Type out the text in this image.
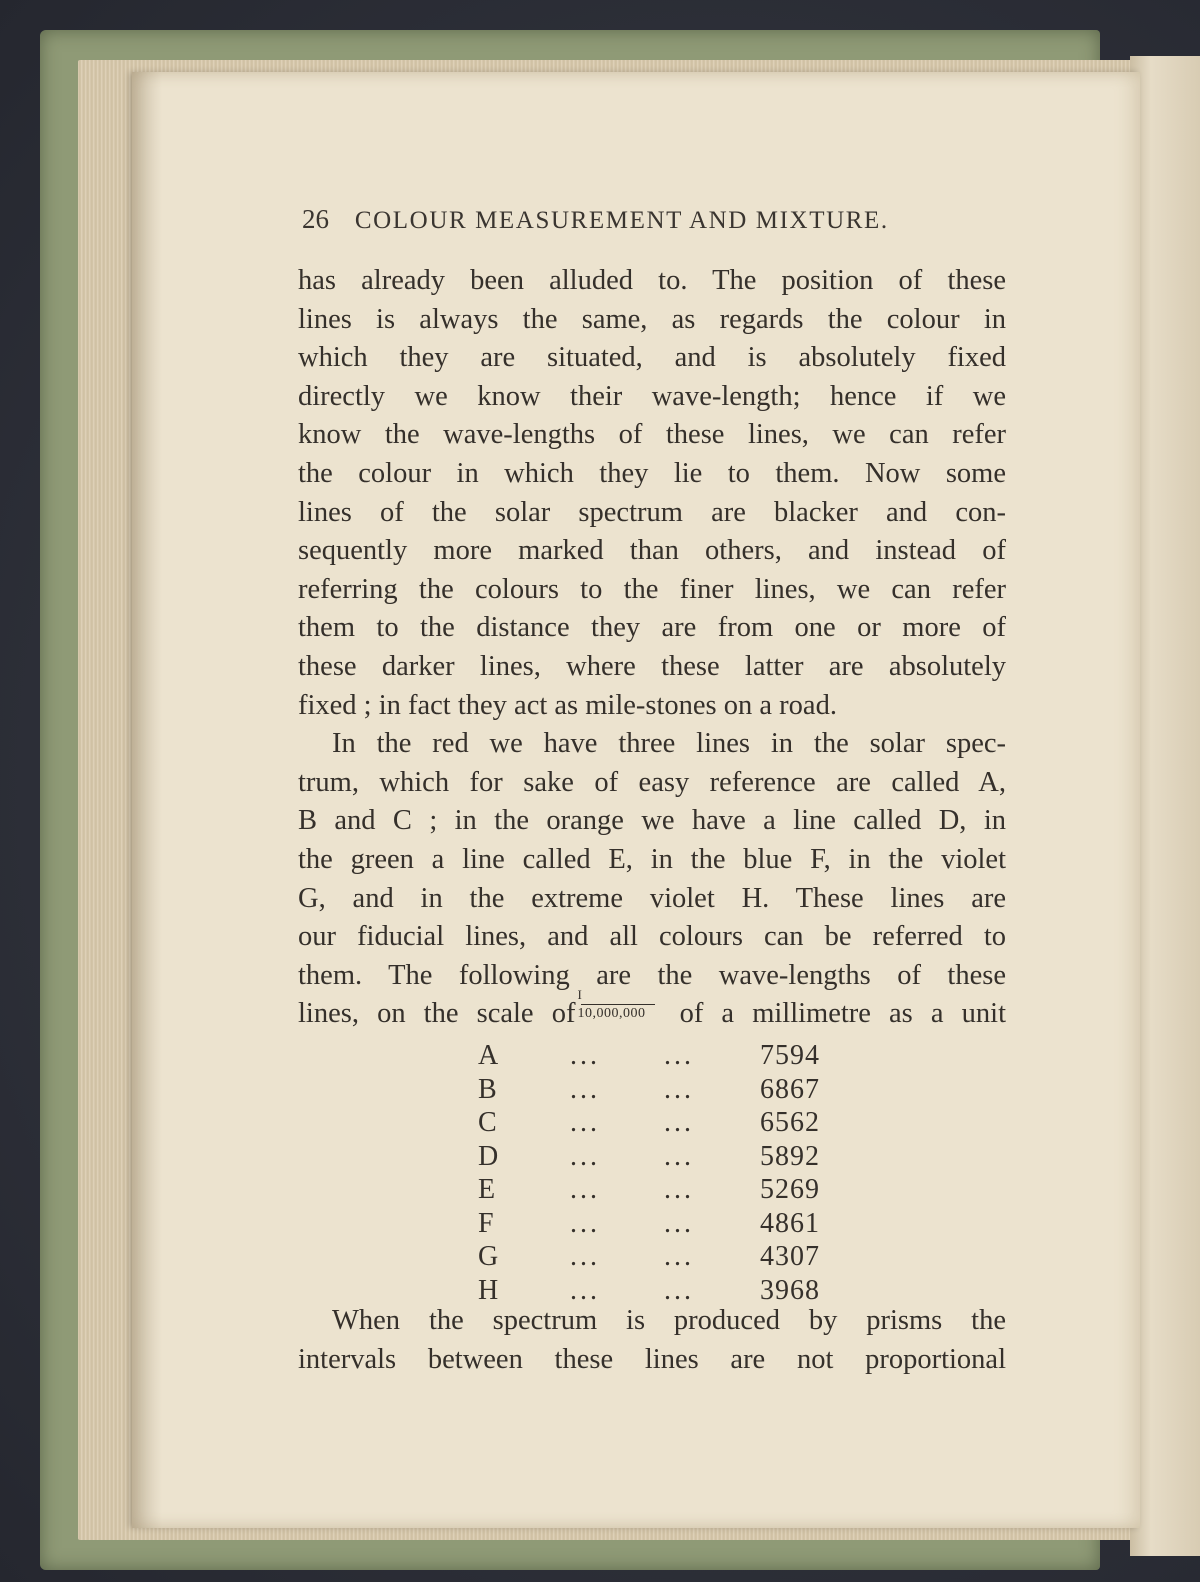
26 COLOUR MEASUREMENT AND MIXTURE.
has already been alluded to. The position of these
lines is always the same, as regards the colour in
which they are situated, and is absolutely fixed
directly we know their wave-length; hence if we
know the wave-lengths of these lines, we can refer
the colour in which they lie to them. Now some
lines of the solar spectrum are blacker and con-
sequently more marked than others, and instead of
referring the colours to the finer lines, we can refer
them to the distance they are from one or more of
these darker lines, where these latter are absolutely
fixed ; in fact they act as mile-stones on a road.
In the red we have three lines in the solar spec-
trum, which for sake of easy reference are called A,
B and C ; in the orange we have a line called D, in
the green a line called E, in the blue F, in the violet
G, and in the extreme violet H. These lines are
our fiducial lines, and all colours can be referred to
them. The following are the wave-lengths of these
lines, on the scale of $\frac{I}{10,000,000}$ of a millimetre as a unit
A	... ... 7594
B	... ... 6867
C	... ... 6562
D	... ... 5892
E	... ... 5269
F	... ... 4861
G	... ... 4307
H	... ... 3968
When the spectrum is produced by prisms the
intervals between these lines are not proportional
